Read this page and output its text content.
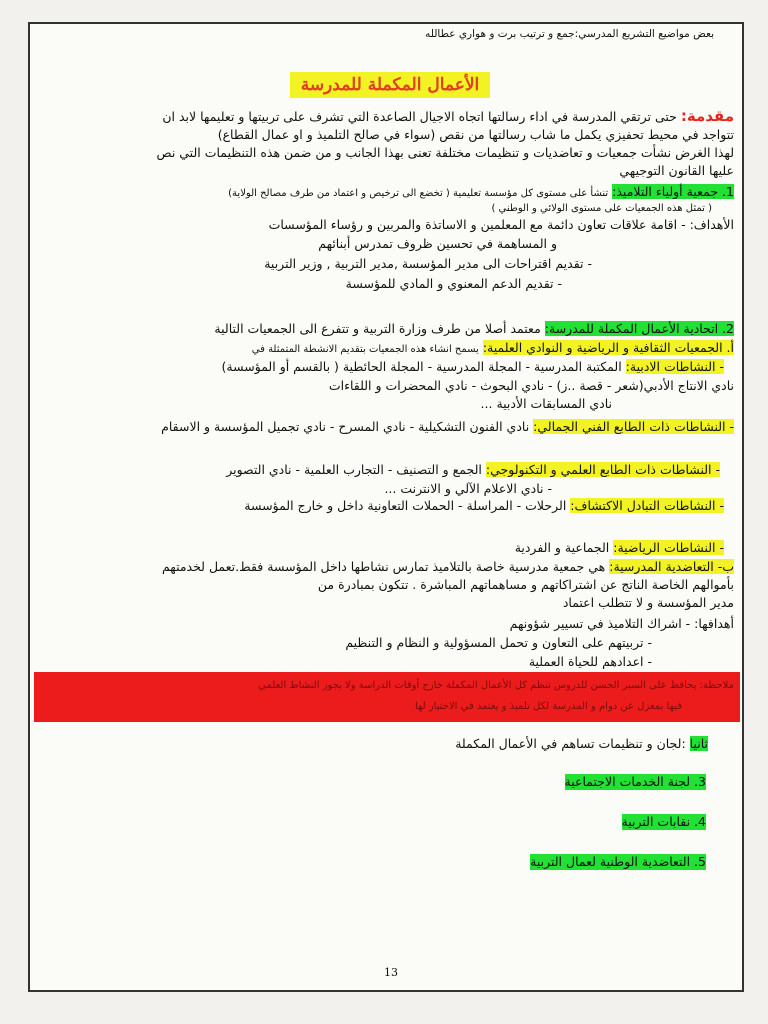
بعض مواضيع التشريع المدرسي:جمع و ترتيب برت و هواري عطالله
الأعمال المكملة للمدرسة
مقدمة: حتى ترتقي المدرسة في اداء رسالتها اتجاه الاجيال الصاعدة التي تشرف على تربيتها و تعليمها لابد ان
تتواجد في محيط تحفيزي يكمل ما شاب رسالتها من نقص (سواء في صالح التلميذ و او عمال القطاع)
لهذا الغرض نشأت جمعيات و تعاضديات و تنظيمات مختلفة تعنى بهذا الجانب و من ضمن هذه التنظيمات التي نص
عليها القانون التوجيهي
1. جمعية أولياء التلاميذ: تنشأ على مستوى كل مؤسسة تعليمية ( تخضع الى ترخيص و اعتماد من طرف مصالح الولاية)
( تمثل هذه الجمعيات على مستوى الولائي و الوطني )
الأهداف: - اقامة علاقات تعاون دائمة مع المعلمين و الاساتذة والمربين و رؤساء المؤسسات
و المساهمة في تحسين ظروف تمدرس أبنائهم
- تقديم اقتراحات الى مدير المؤسسة ,مدير التربية , وزير التربية
- تقديم الدعم المعنوي و المادي للمؤسسة
2. اتحادية الأعمال المكملة للمدرسة: معتمد أصلا من طرف وزارة التربية و تتفرع الى الجمعيات التالية
أ. الجمعيات الثقافية و الرياضية و النوادي العلمية: يسمح انشاء هذه الجمعيات بتقديم الانشطة المتمثلة في
- النشاطات الادبية: المكتبة المدرسية - المجلة المدرسية - المجلة الحائطية ( بالقسم أو المؤسسة)
نادي الانتاج الأدبي(شعر - قصة ..ز) - نادي البحوث - نادي المحضرات و اللقاءات
نادي المسابقات الأدبية ...
- النشاطات ذات الطابع الفني الجمالي: نادي الفنون التشكيلية - نادي المسرح - نادي تجميل المؤسسة و الاسقام
- النشاطات ذات الطابع العلمي و التكنولوجي: الجمع و التصنيف - التجارب العلمية - نادي التصوير
- نادي الاعلام الآلي و الانترنت ...
- النشاطات التبادل الاكتشاف: الرحلات - المراسلة - الحملات التعاونية داخل و خارج المؤسسة
- النشاطات الرياضية: الجماعية و الفردية
ب- التعاضدية المدرسية: هي جمعية مدرسية خاصة بالتلاميذ تمارس نشاطها داخل المؤسسة فقط.تعمل لخدمتهم
بأموالهم الخاصة الناتج عن اشتراكاتهم و مساهماتهم المباشرة . تتكون بمبادرة من
مدير المؤسسة و لا تتطلب اعتماد
أهدافها: - اشراك التلاميذ في تسيير شؤونهم
- تربيتهم على التعاون و تحمل المسؤولية و النظام و التنظيم
- اعدادهم للحياة العملية
ملاحظة: يحافظ على السير الحسن للدروس تنظم كل الأعمال المكملة خارج أوقات الدراسة ولا يجوز النشاط العلمي
فيها بمعزل عن دوام و المدرسة لكل تلميذ و يعتمد في الاختيار لها
ثانيا :لجان و تنظيمات تساهم في الأعمال المكملة
3. لجنة الخدمات الاجتماعية
4. نقابات التربية
5. التعاضدية الوطنية لعمال التربية
13
